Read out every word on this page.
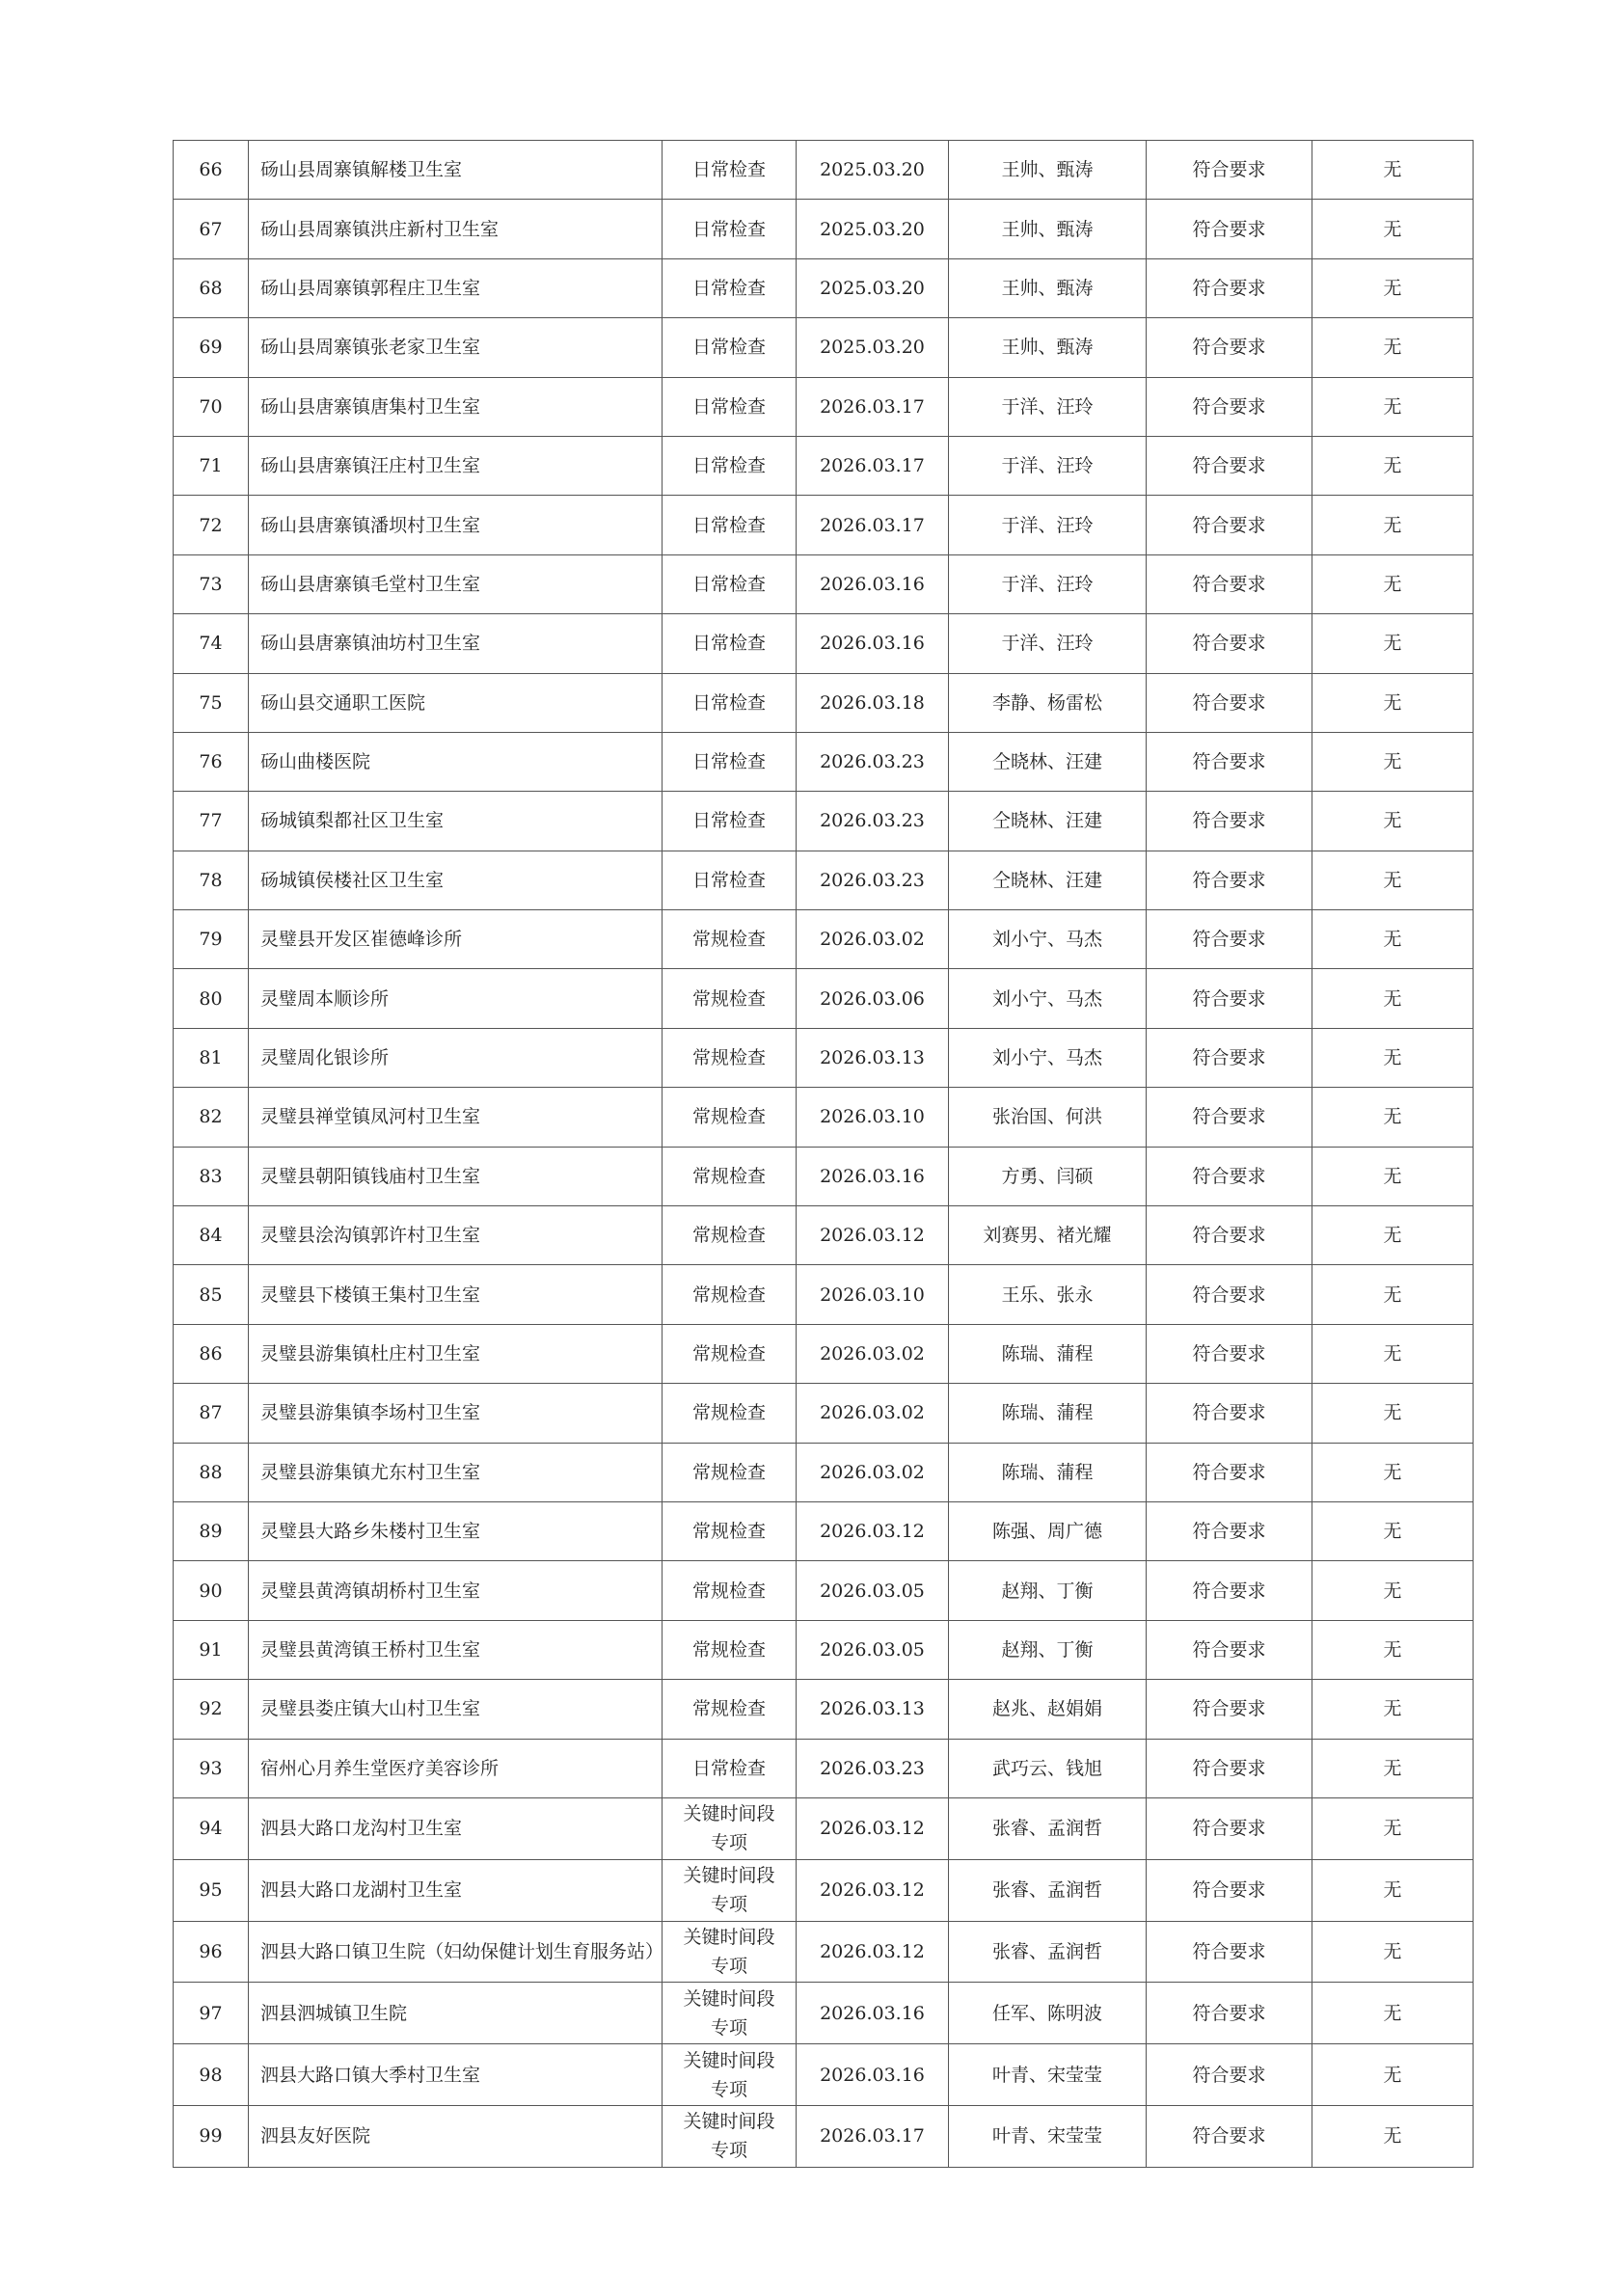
66	砀山县周寨镇解楼卫生室	日常检查	2025.03.20	王帅、甄涛	符合要求	无
67	砀山县周寨镇洪庄新村卫生室	日常检查	2025.03.20	王帅、甄涛	符合要求	无
68	砀山县周寨镇郭程庄卫生室	日常检查	2025.03.20	王帅、甄涛	符合要求	无
69	砀山县周寨镇张老家卫生室	日常检查	2025.03.20	王帅、甄涛	符合要求	无
70	砀山县唐寨镇唐集村卫生室	日常检查	2026.03.17	于洋、汪玲	符合要求	无
71	砀山县唐寨镇汪庄村卫生室	日常检查	2026.03.17	于洋、汪玲	符合要求	无
72	砀山县唐寨镇潘坝村卫生室	日常检查	2026.03.17	于洋、汪玲	符合要求	无
73	砀山县唐寨镇毛堂村卫生室	日常检查	2026.03.16	于洋、汪玲	符合要求	无
74	砀山县唐寨镇油坊村卫生室	日常检查	2026.03.16	于洋、汪玲	符合要求	无
75	砀山县交通职工医院	日常检查	2026.03.18	李静、杨雷松	符合要求	无
76	砀山曲楼医院	日常检查	2026.03.23	仝晓林、汪建	符合要求	无
77	砀城镇梨都社区卫生室	日常检查	2026.03.23	仝晓林、汪建	符合要求	无
78	砀城镇侯楼社区卫生室	日常检查	2026.03.23	仝晓林、汪建	符合要求	无
79	灵璧县开发区崔德峰诊所	常规检查	2026.03.02	刘小宁、马杰	符合要求	无
80	灵璧周本顺诊所	常规检查	2026.03.06	刘小宁、马杰	符合要求	无
81	灵璧周化银诊所	常规检查	2026.03.13	刘小宁、马杰	符合要求	无
82	灵璧县禅堂镇凤河村卫生室	常规检查	2026.03.10	张治国、何洪	符合要求	无
83	灵璧县朝阳镇钱庙村卫生室	常规检查	2026.03.16	方勇、闫硕	符合要求	无
84	灵璧县浍沟镇郭许村卫生室	常规检查	2026.03.12	刘赛男、褚光耀	符合要求	无
85	灵璧县下楼镇王集村卫生室	常规检查	2026.03.10	王乐、张永	符合要求	无
86	灵璧县游集镇杜庄村卫生室	常规检查	2026.03.02	陈瑞、蒲程	符合要求	无
87	灵璧县游集镇李场村卫生室	常规检查	2026.03.02	陈瑞、蒲程	符合要求	无
88	灵璧县游集镇尤东村卫生室	常规检查	2026.03.02	陈瑞、蒲程	符合要求	无
89	灵璧县大路乡朱楼村卫生室	常规检查	2026.03.12	陈强、周广德	符合要求	无
90	灵璧县黄湾镇胡桥村卫生室	常规检查	2026.03.05	赵翔、丁衡	符合要求	无
91	灵璧县黄湾镇王桥村卫生室	常规检查	2026.03.05	赵翔、丁衡	符合要求	无
92	灵璧县娄庄镇大山村卫生室	常规检查	2026.03.13	赵兆、赵娟娟	符合要求	无
93	宿州心月养生堂医疗美容诊所	日常检查	2026.03.23	武巧云、钱旭	符合要求	无
94	泗县大路口龙沟村卫生室	关键时间段
专项	2026.03.12	张睿、孟润哲	符合要求	无
95	泗县大路口龙湖村卫生室	关键时间段
专项	2026.03.12	张睿、孟润哲	符合要求	无
96	泗县大路口镇卫生院（妇幼保健计划生育服务站）	关键时间段
专项	2026.03.12	张睿、孟润哲	符合要求	无
97	泗县泗城镇卫生院	关键时间段
专项	2026.03.16	任军、陈明波	符合要求	无
98	泗县大路口镇大季村卫生室	关键时间段
专项	2026.03.16	叶青、宋莹莹	符合要求	无
99	泗县友好医院	关键时间段
专项	2026.03.17	叶青、宋莹莹	符合要求	无
